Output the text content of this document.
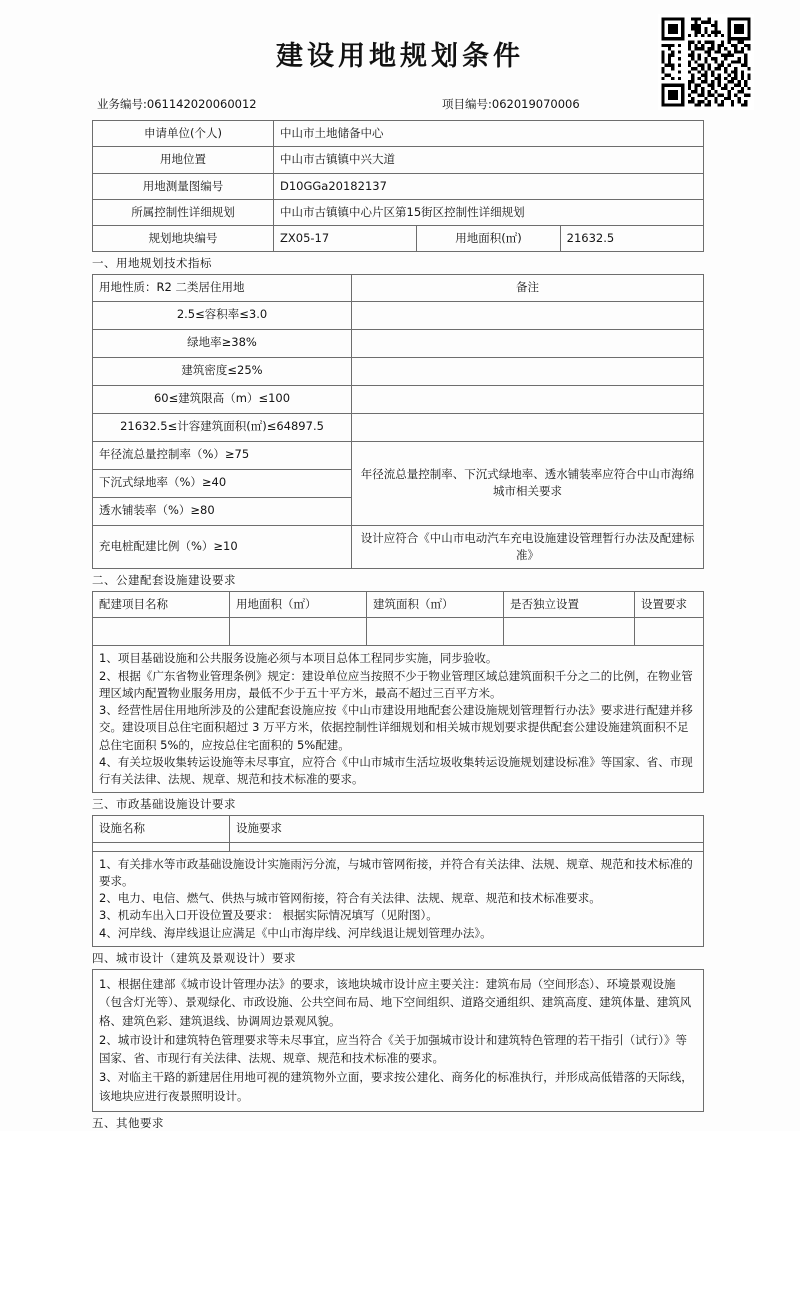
建设用地规划条件
业务编号:061142020060012	项目编号:062019070006
申请单位(个人)	中山市土地储备中心		
用地位置	中山市古镇镇中兴大道		
用地测量图编号	D10GGa20182137		
所属控制性详细规划	中山市古镇镇中心片区第15街区控制性详细规划		
规划地块编号	ZX05-17	用地面积(㎡)	21632.5
一、用地规划技术指标
用地性质：R2 二类居住用地	备注
2.5≤容积率≤3.0	
绿地率≥38%	
建筑密度≤25%	
60≤建筑限高（m）≤100	
21632.5≤计容建筑面积(㎡)≤64897.5	
年径流总量控制率（%）≥75	年径流总量控制率、下沉式绿地率、透水铺装率应符合中山市海绵城市相关要求
下沉式绿地率（%）≥40	
透水铺装率（%）≥80	
充电桩配建比例（%）≥10	设计应符合《中山市电动汽车充电设施建设管理暂行办法及配建标准》
二、公建配套设施建设要求
配建项目名称	用地面积（㎡）	建筑面积（㎡）	是否独立设置	设置要求

1、项目基础设施和公共服务设施必须与本项目总体工程同步实施，同步验收。

2、根据《广东省物业管理条例》规定：建设单位应当按照不少于物业管理区域总建筑面积千分之二的比例，在物业管理区域内配置物业服务用房，最低不少于五十平方米，最高不超过三百平方米。

3、经营性居住用地所涉及的公建配套设施应按《中山市建设用地配套公建设施规划管理暂行办法》要求进行配建并移交。建设项目总住宅面积超过 3 万平方米，依据控制性详细规划和相关城市规划要求提供配套公建设施建筑面积不足总住宅面积 5%的，应按总住宅面积的 5%配建。

4、有关垃圾收集转运设施等未尽事宜，应符合《中山市城市生活垃圾收集转运设施规划建设标准》等国家、省、市现行有关法律、法规、规章、规范和技术标准的要求。				

三、市政基础设施设计要求
设施名称	设施要求

1、有关排水等市政基础设施设计实施雨污分流，与城市管网衔接，并符合有关法律、法规、规章、规范和技术标准的要求。

2、电力、电信、燃气、供热与城市管网衔接，符合有关法律、法规、规章、规范和技术标准要求。

3、机动车出入口开设位置及要求： 根据实际情况填写（见附图）。

4、河岸线、海岸线退让应满足《中山市海岸线、河岸线退让规划管理办法》。	

四、城市设计（建筑及景观设计）要求

1、根据住建部《城市设计管理办法》的要求，该地块城市设计应主要关注：建筑布局（空间形态）、环境景观设施（包含灯光等）、景观绿化、市政设施、公共空间布局、地下空间组织、道路交通组织、建筑高度、建筑体量、建筑风格、建筑色彩、建筑退线、协调周边景观风貌。

2、城市设计和建筑特色管理要求等未尽事宜，应当符合《关于加强城市设计和建筑特色管理的若干指引（试行）》等国家、省、市现行有关法律、法规、规章、规范和技术标准的要求。

3、对临主干路的新建居住用地可视的建筑物外立面，要求按公建化、商务化的标准执行，并形成高低错落的天际线，该地块应进行夜景照明设计。

五、其他要求
